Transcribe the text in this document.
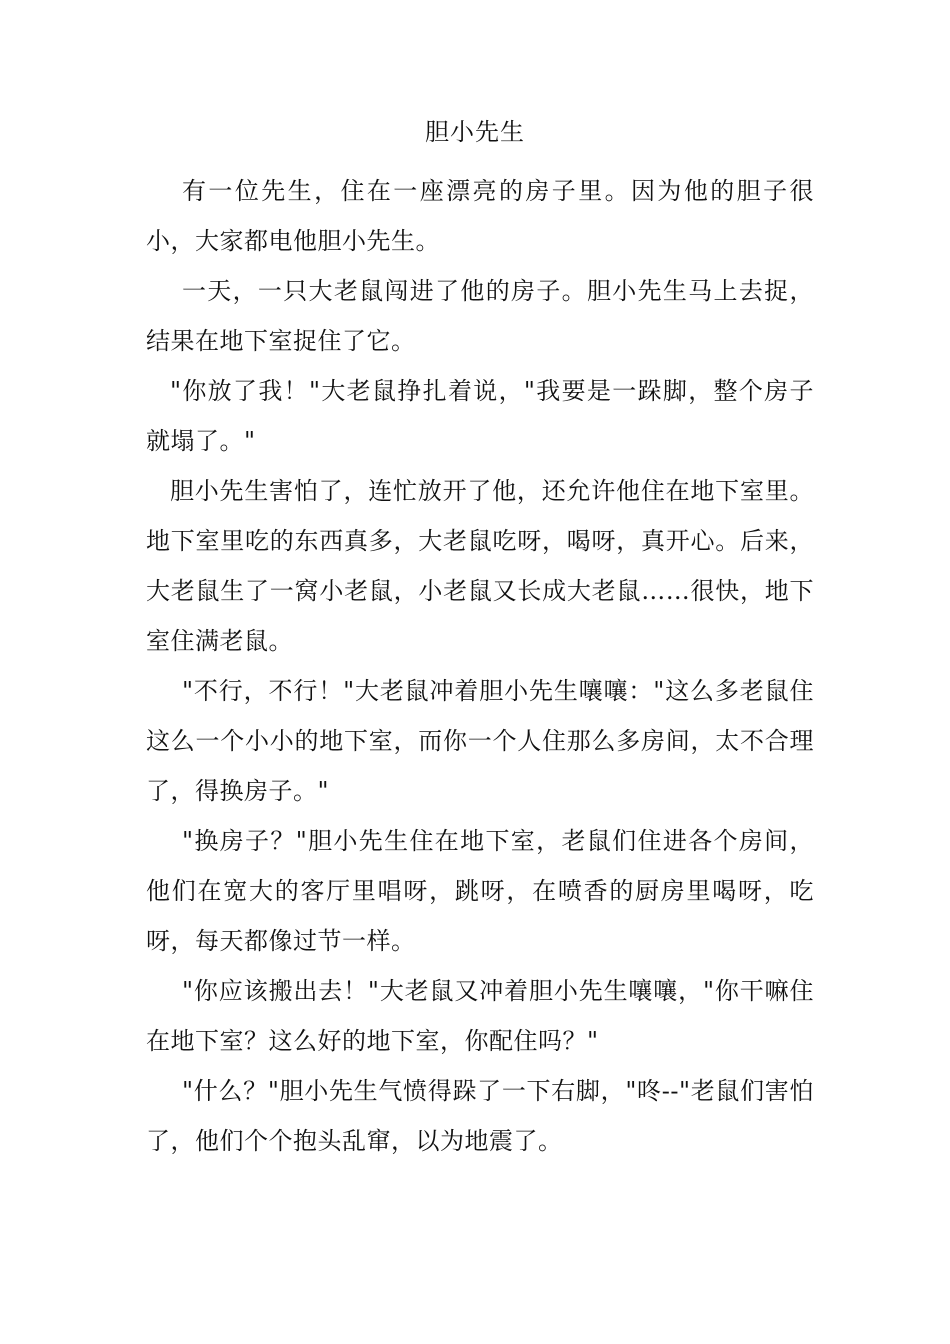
胆小先生

有一位先生，住在一座漂亮的房子里。因为他的胆子很小，大家都电他胆小先生。

一天，一只大老鼠闯进了他的房子。胆小先生马上去捉，结果在地下室捉住了它。

"你放了我！"大老鼠挣扎着说，"我要是一跺脚，整个房子就塌了。"

胆小先生害怕了，连忙放开了他，还允许他住在地下室里。地下室里吃的东西真多，大老鼠吃呀，喝呀，真开心。后来，大老鼠生了一窝小老鼠，小老鼠又长成大老鼠……很快，地下室住满老鼠。

"不行，不行！"大老鼠冲着胆小先生嚷嚷："这么多老鼠住这么一个小小的地下室，而你一个人住那么多房间，太不合理了，得换房子。"

"换房子？"胆小先生住在地下室，老鼠们住进各个房间，他们在宽大的客厅里唱呀，跳呀，在喷香的厨房里喝呀，吃呀，每天都像过节一样。

"你应该搬出去！"大老鼠又冲着胆小先生嚷嚷，"你干嘛住在地下室？这么好的地下室，你配住吗？"

"什么？"胆小先生气愤得跺了一下右脚，"咚--"老鼠们害怕了，他们个个抱头乱窜，以为地震了。
